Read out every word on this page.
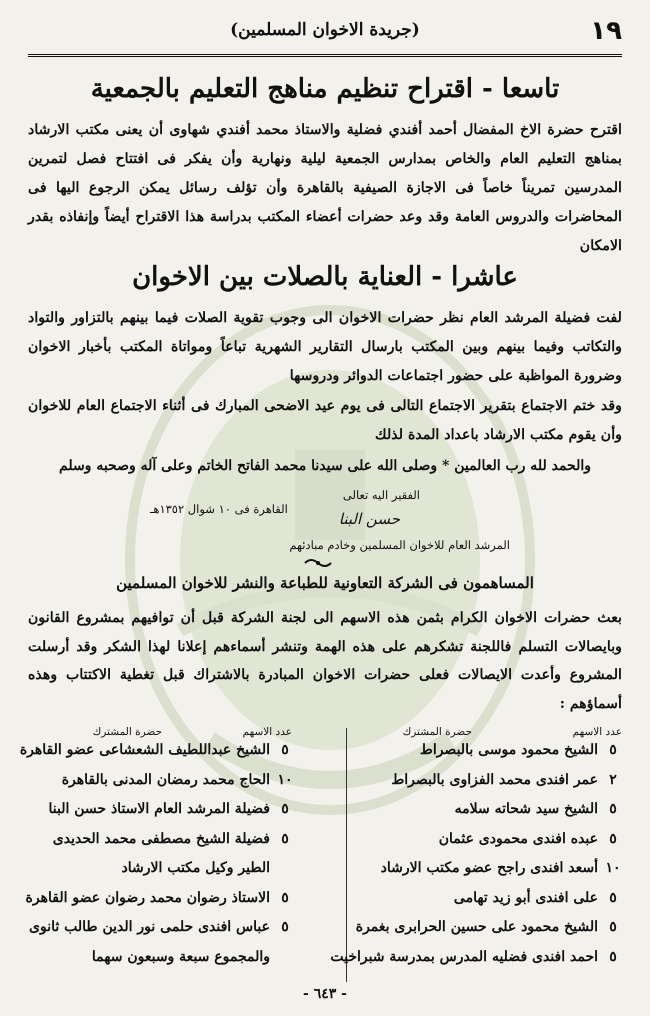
١٩
(جريدة الاخوان المسلمين)
تاسعا - اقتراح تنظيم مناهج التعليم بالجمعية
اقترح حضرة الاخ المفضال أحمد أفندي فضلية والاستاذ محمد أفندي شهاوى أن يعنى مكتب الارشاد بمناهج التعليم العام والخاص بمدارس الجمعية ليلية ونهارية وأن يفكر فى افتتاح فصل لتمرين المدرسين تمريناً خاصاً فى الاجازة الصيفية بالقاهرة وأن تؤلف رسائل يمكن الرجوع اليها فى المحاضرات والدروس العامة وقد وعد حضرات أعضاء المكتب بدراسة هذا الاقتراح أيضاً وإنفاذه بقدر الامكان
عاشرا - العناية بالصلات بين الاخوان
لفت فضيلة المرشد العام نظر حضرات الاخوان الى وجوب تقوية الصلات فيما بينهم بالتزاور والتواد والتكاتب وفيما بينهم وبين المكتب بارسال التقارير الشهرية تباعاً ومواتاة المكتب بأخبار الاخوان وضرورة المواظبة على حضور اجتماعات الدوائر ودروسها
وقد ختم الاجتماع بتقرير الاجتماع التالى فى يوم عيد الاضحى المبارك فى أثناء الاجتماع العام للاخوان وأن يقوم مكتب الارشاد باعداد المدة لذلك
والحمد لله رب العالمين * وصلى الله على سيدنا محمد الفاتح الخاتم وعلى آله وصحبه وسلم
الفقير اليه تعالى
حسن البنا
القاهرة فى ١٠ شوال ١٣٥٢هـ
المرشد العام للاخوان المسلمين وخادم مبادئهم
المساهمون فى الشركة التعاونية للطباعة والنشر للاخوان المسلمين
بعث حضرات الاخوان الكرام بثمن هذه الاسهم الى لجنة الشركة قبل أن توافيهم بمشروع القانون وبايصالات التسلم فاللجنة تشكرهم على هذه الهمة وتنشر أسماءهم إعلانا لهذا الشكر وقد أرسلت المشروع وأعدت الايصالات فعلى حضرات الاخوان المبادرة بالاشتراك قبل تغطية الاكتتاب وهذه أسماؤهم :
عدد الاسهم
حضرة المشترك
عدد الاسهم
حضرة المشترك
٥
الشيخ محمود موسى بالبصراط
٢
عمر افندى محمد الفزاوى بالبصراط
٥
الشيخ سيد شحاته سلامه
٥
عبده افندى محمودى عثمان
١٠
أسعد افندى راجح عضو مكتب الارشاد
٥
على افندى أبو زيد تهامى
٥
الشيخ محمود على حسين الحرابرى بغمرة
٥
احمد افندى فضليه المدرس بمدرسة شبراخيت
٥
الشيخ عبداللطيف الشعشاعى عضو القاهرة
١٠
الحاج محمد رمضان المدنى بالقاهرة
٥
فضيلة المرشد العام الاستاذ حسن البنا
٥
فضيلة الشيخ مصطفى محمد الحديدى
الطير وكيل مكتب الارشاد
٥
الاستاذ رضوان محمد رضوان عضو القاهرة
٥
عباس افندى حلمى نور الدين طالب ثانوى
والمجموع سبعة وسبعون سهما
- ٦٤٣ -
